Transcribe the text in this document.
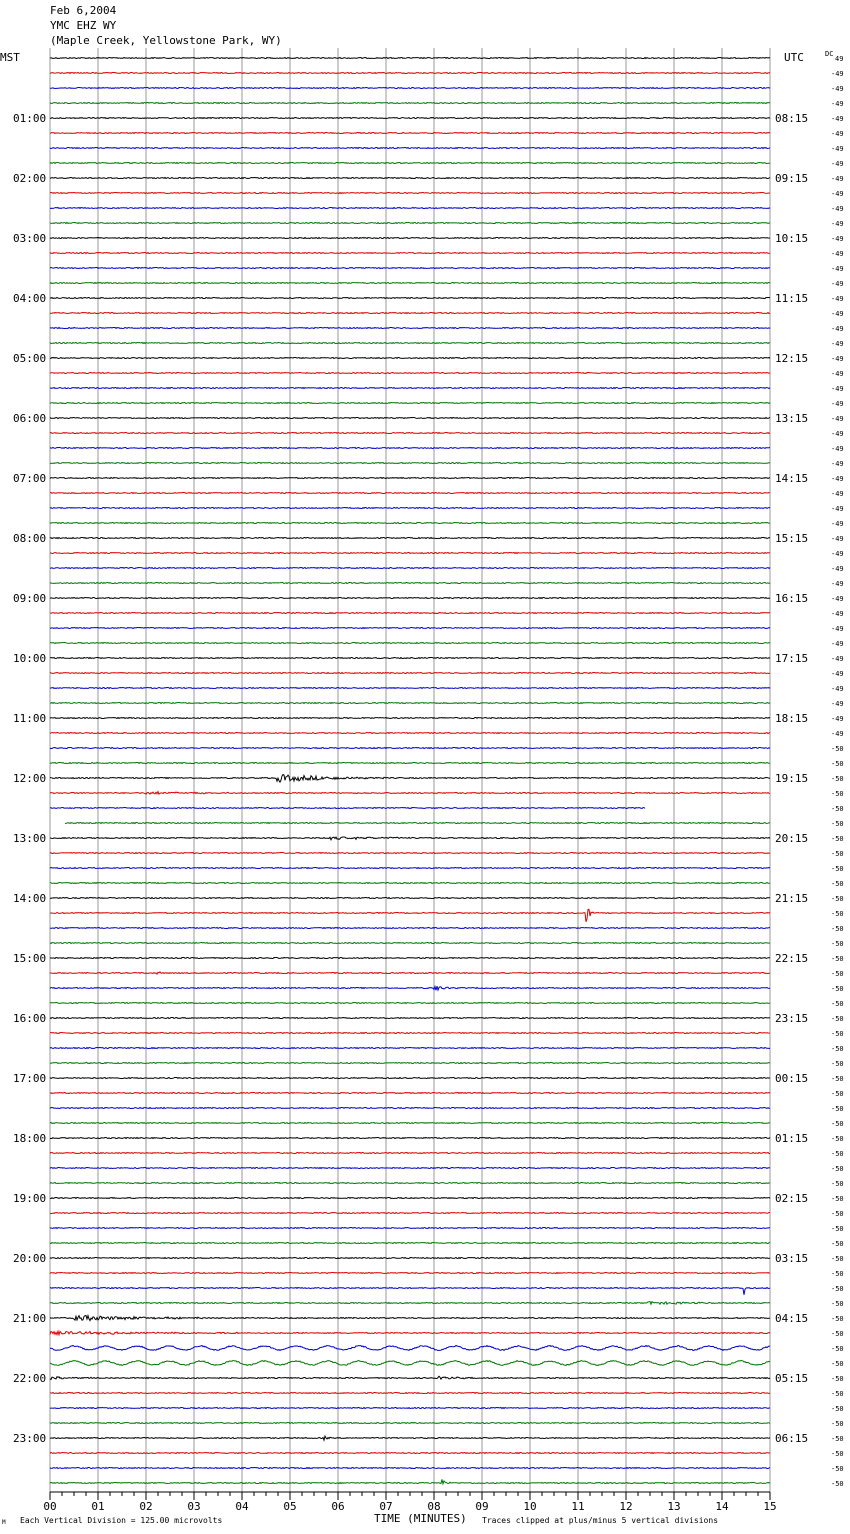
Feb 6,2004
YMC EHZ WY
(Maple Creek, Yellowstone Park, WY)
MST	UTC	DC
01:00
02:00
03:00
04:00
05:00
06:00
07:00
08:00
09:00
10:00
11:00
12:00
13:00
14:00
15:00
16:00
17:00
18:00
19:00
20:00
21:00
22:00
23:00
08:15
09:15
10:15
11:15
12:15
13:15
14:15
15:15
16:15
17:15
18:15
19:15
20:15
21:15
22:15
23:15
00:15
01:15
02:15
03:15
04:15
05:15
06:15
49
-49
-49
-49
-49
-49
-49
-49
-49
-49
-49
-49
-49
-49
-49
-49
-49
-49
-49
-49
-49
-49
-49
-49
-49
-49
-49
-49
-49
-49
-49
-49
-49
-49
-49
-49
-49
-49
-49
-49
-49
-49
-49
-49
-49
-49
-50
-50
-50
-50
-50
-50
-50
-50
-50
-50
-50
-50
-50
-50
-50
-50
-50
-50
-50
-50
-50
-50
-50
-50
-50
-50
-50
-50
-50
-50
-50
-50
-50
-50
-50
-50
-50
-50
-50
-50
-50
-50
-50
-50
-50
-50
-50
-50
-50
-50
00	01	02	03	04	05	06	07	08	09	10	11	12	13	14	15
M Each Vertical Division = 125.00 microvolts	TIME (MINUTES) Traces clipped at plus/minus 5 vertical divisions
